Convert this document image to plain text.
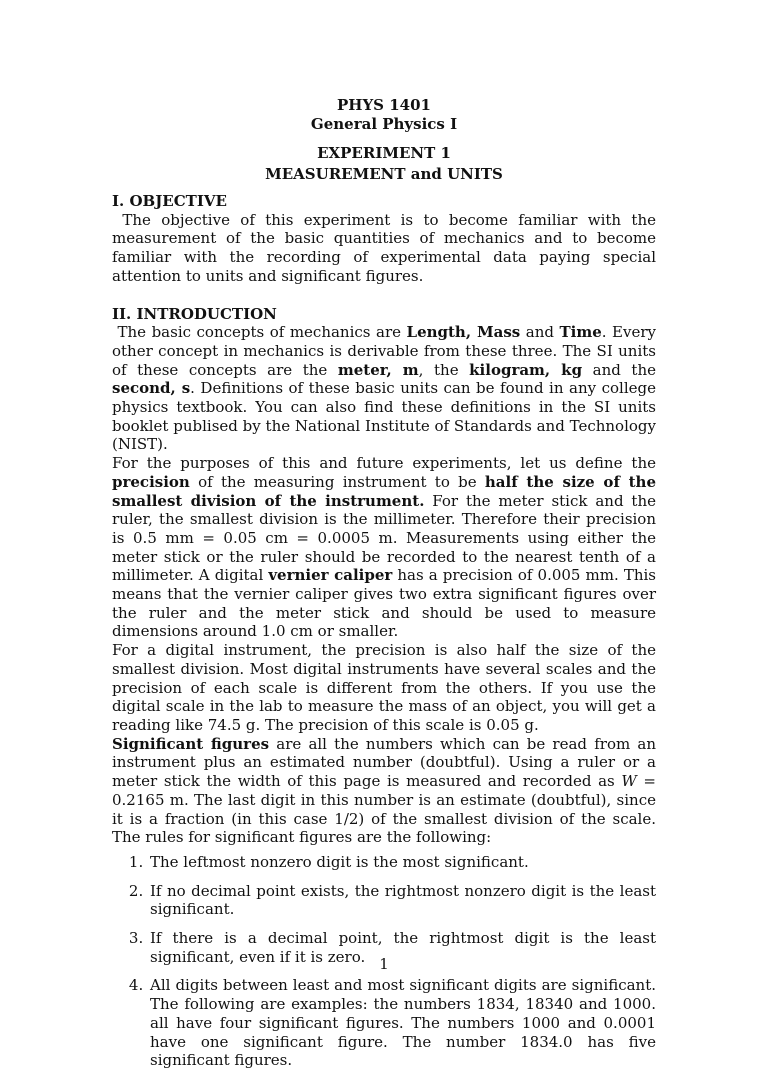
PHYS 1401
General Physics I
EXPERIMENT 1
MEASUREMENT and UNITS

I. OBJECTIVE

The objective of this experiment is to become familiar with the measurement of the basic quantities of mechanics and to become familiar with the recording of experimental data paying special attention to units and significant figures.

II. INTRODUCTION

The basic concepts of mechanics are Length, Mass and Time. Every other concept in mechanics is derivable from these three. The SI units of these concepts are the meter, m, the kilogram, kg and the second, s. Definitions of these basic units can be found in any college physics textbook. You can also find these definitions in the SI units booklet publised by the National Institute of Standards and Technology (NIST).

For the purposes of this and future experiments, let us define the precision of the measuring instrument to be half the size of the smallest division of the instrument. For the meter stick and the ruler, the smallest division is the millimeter. Therefore their precision is 0.5 mm = 0.05 cm = 0.0005 m. Measurements using either the meter stick or the ruler should be recorded to the nearest tenth of a millimeter. A digital vernier caliper has a precision of 0.005 mm. This means that the vernier caliper gives two extra significant figures over the ruler and the meter stick and should be used to measure dimensions around 1.0 cm or smaller.

For a digital instrument, the precision is also half the size of the smallest division. Most digital instruments have several scales and the precision of each scale is different from the others. If you use the digital scale in the lab to measure the mass of an object, you will get a reading like 74.5 g. The precision of this scale is 0.05 g.

Significant figures are all the numbers which can be read from an instrument plus an estimated number (doubtful). Using a ruler or a meter stick the width of this page is measured and recorded as W = 0.2165 m. The last digit in this number is an estimate (doubtful), since it is a fraction (in this case 1/2) of the smallest division of the scale. The rules for significant figures are the following:

1. The leftmost nonzero digit is the most significant.
2. If no decimal point exists, the rightmost nonzero digit is the least significant.
3. If there is a decimal point, the rightmost digit is the least significant, even if it is zero.
4. All digits between least and most significant digits are significant. The following are examples: the numbers 1834, 18340 and 1000. all have four significant figures. The numbers 1000 and 0.0001 have one significant figure. The number 1834.0 has five significant figures.
1
